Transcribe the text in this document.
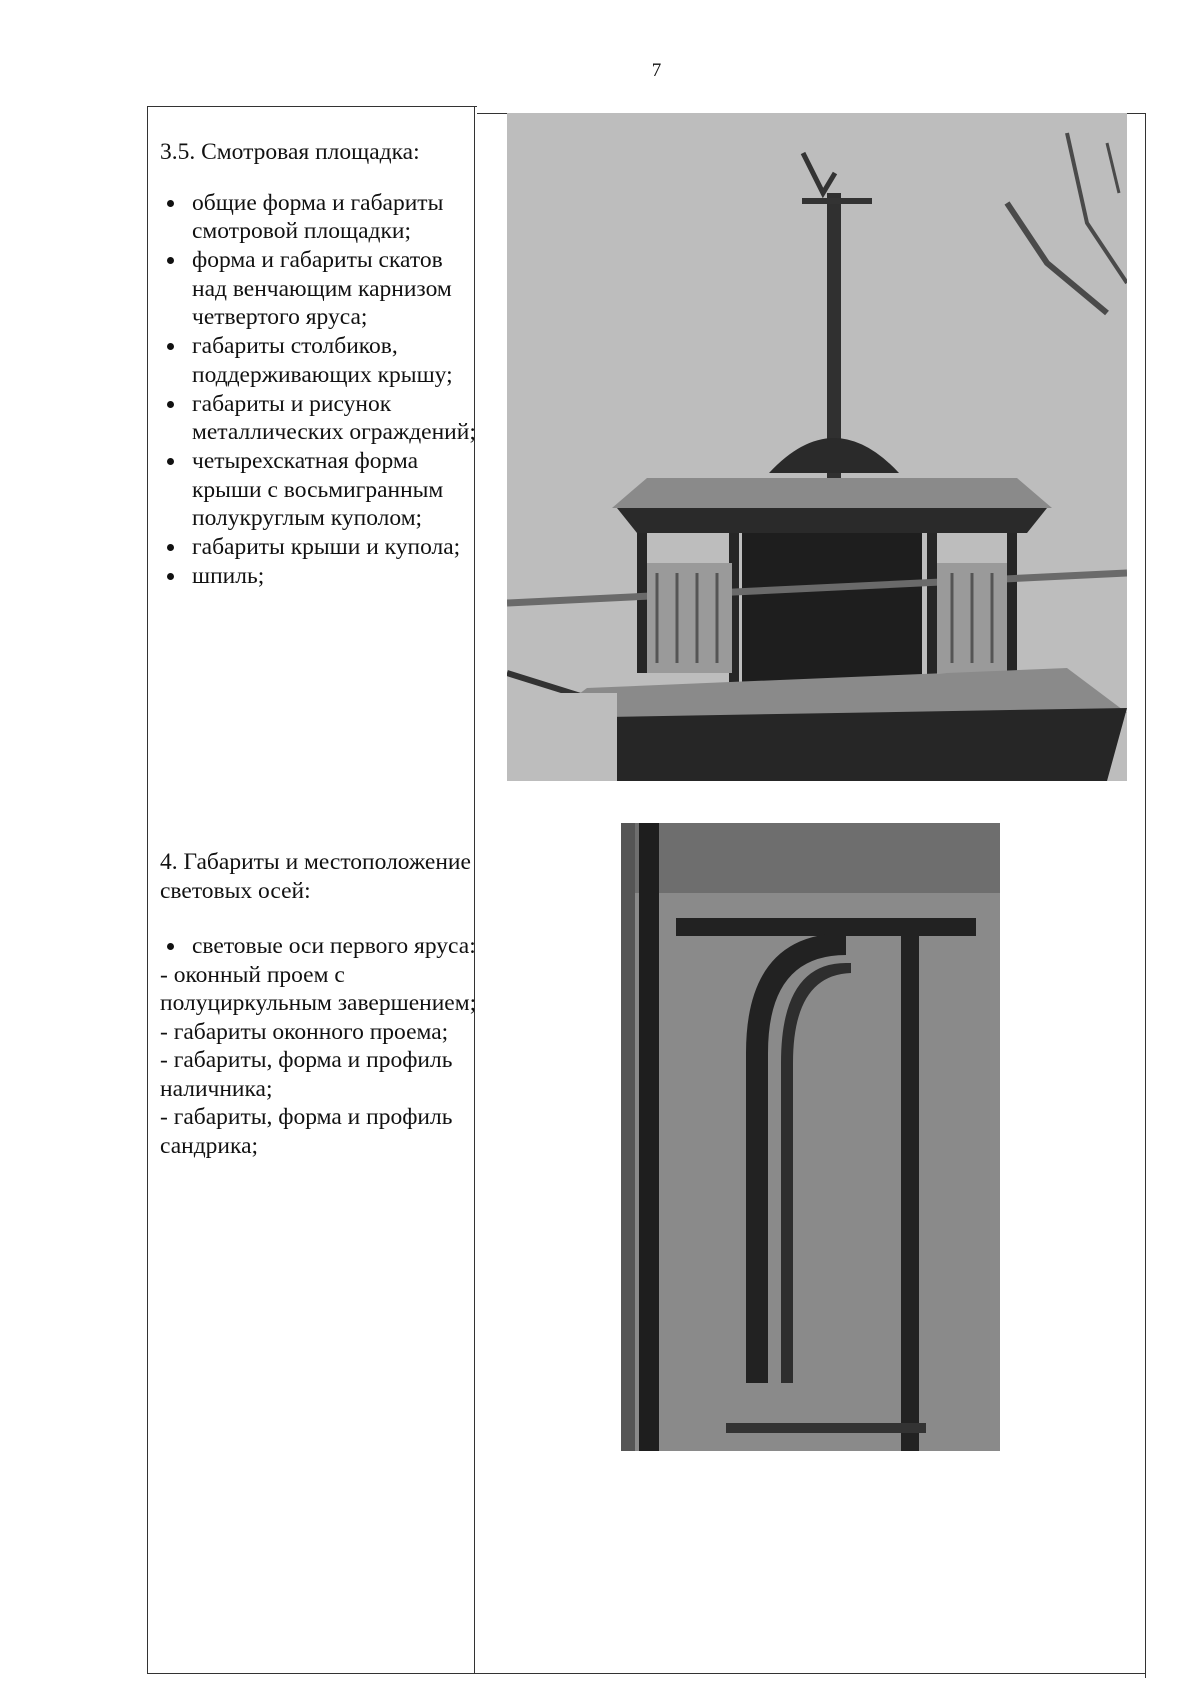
7

3.5. Смотровая площадка:

общие форма и габариты смотровой площадки;
форма и габариты скатов над венчающим карнизом четвертого яруса;
габариты столбиков, поддерживающих крышу;
габариты и рисунок металлических ограждений;
четырехскатная форма крыши с восьмигранным полукруглым куполом;
габариты крыши и купола;
шпиль;

4. Габариты и местоположение световых осей:

световые оси первого яруса:

- оконный проем с полуциркульным завершением;

- габариты оконного проема;

- габариты, форма и профиль наличника;

- габариты, форма и профиль сандрика;
